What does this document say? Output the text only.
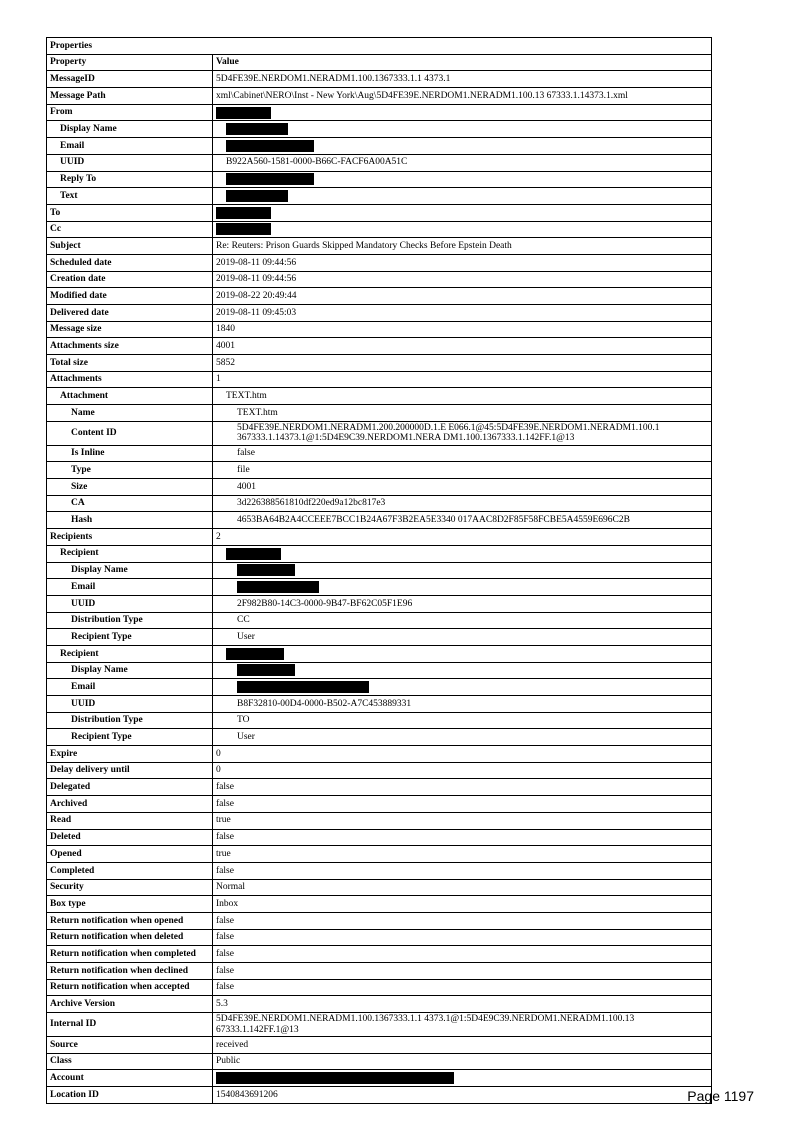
Properties	
Property	Value
MessageID	5D4FE39E.NERDOM1.NERADM1.100.1367333.1.1 4373.1
Message Path	xml\Cabinet\NERO\Inst - New York\Aug\5D4FE39E.NERDOM1.NERADM1.100.13 67333.1.14373.1.xml
From	
Display Name	
Email	
UUID	B922A560-1581-0000-B66C-FACF6A00A51C
Reply To	
Text	
To	
Cc	
Subject	Re: Reuters: Prison Guards Skipped Mandatory Checks Before Epstein Death
Scheduled date	2019-08-11 09:44:56
Creation date	2019-08-11 09:44:56
Modified date	2019-08-22 20:49:44
Delivered date	2019-08-11 09:45:03
Message size	1840
Attachments size	4001
Total size	5852
Attachments	1
Attachment	TEXT.htm
Name	TEXT.htm
Content ID	5D4FE39E.NERDOM1.NERADM1.200.200000D.1.E E066.1@45:5D4FE39E.NERDOM1.NERADM1.100.1 367333.1.14373.1@1:5D4E9C39.NERDOM1.NERA DM1.100.1367333.1.142FF.1@13
Is Inline	false
Type	file
Size	4001
CA	3d226388561810df220ed9a12bc817e3
Hash	4653BA64B2A4CCEEE7BCC1B24A67F3B2EA5E3340 017AAC8D2F85F58FCBE5A4559E696C2B
Recipients	2
Recipient	
Display Name	
Email	
UUID	2F982B80-14C3-0000-9B47-BF62C05F1E96
Distribution Type	CC
Recipient Type	User
Recipient	
Display Name	
Email	
UUID	B8F32810-00D4-0000-B502-A7C453889331
Distribution Type	TO
Recipient Type	User
Expire	0
Delay delivery until	0
Delegated	false
Archived	false
Read	true
Deleted	false
Opened	true
Completed	false
Security	Normal
Box type	Inbox
Return notification when opened	false
Return notification when deleted	false
Return notification when completed	false
Return notification when declined	false
Return notification when accepted	false
Archive Version	5.3
Internal ID	5D4FE39E.NERDOM1.NERADM1.100.1367333.1.1 4373.1@1:5D4E9C39.NERDOM1.NERADM1.100.13 67333.1.142FF.1@13
Source	received
Class	Public
Account	
Location ID	1540843691206	Page 1197
